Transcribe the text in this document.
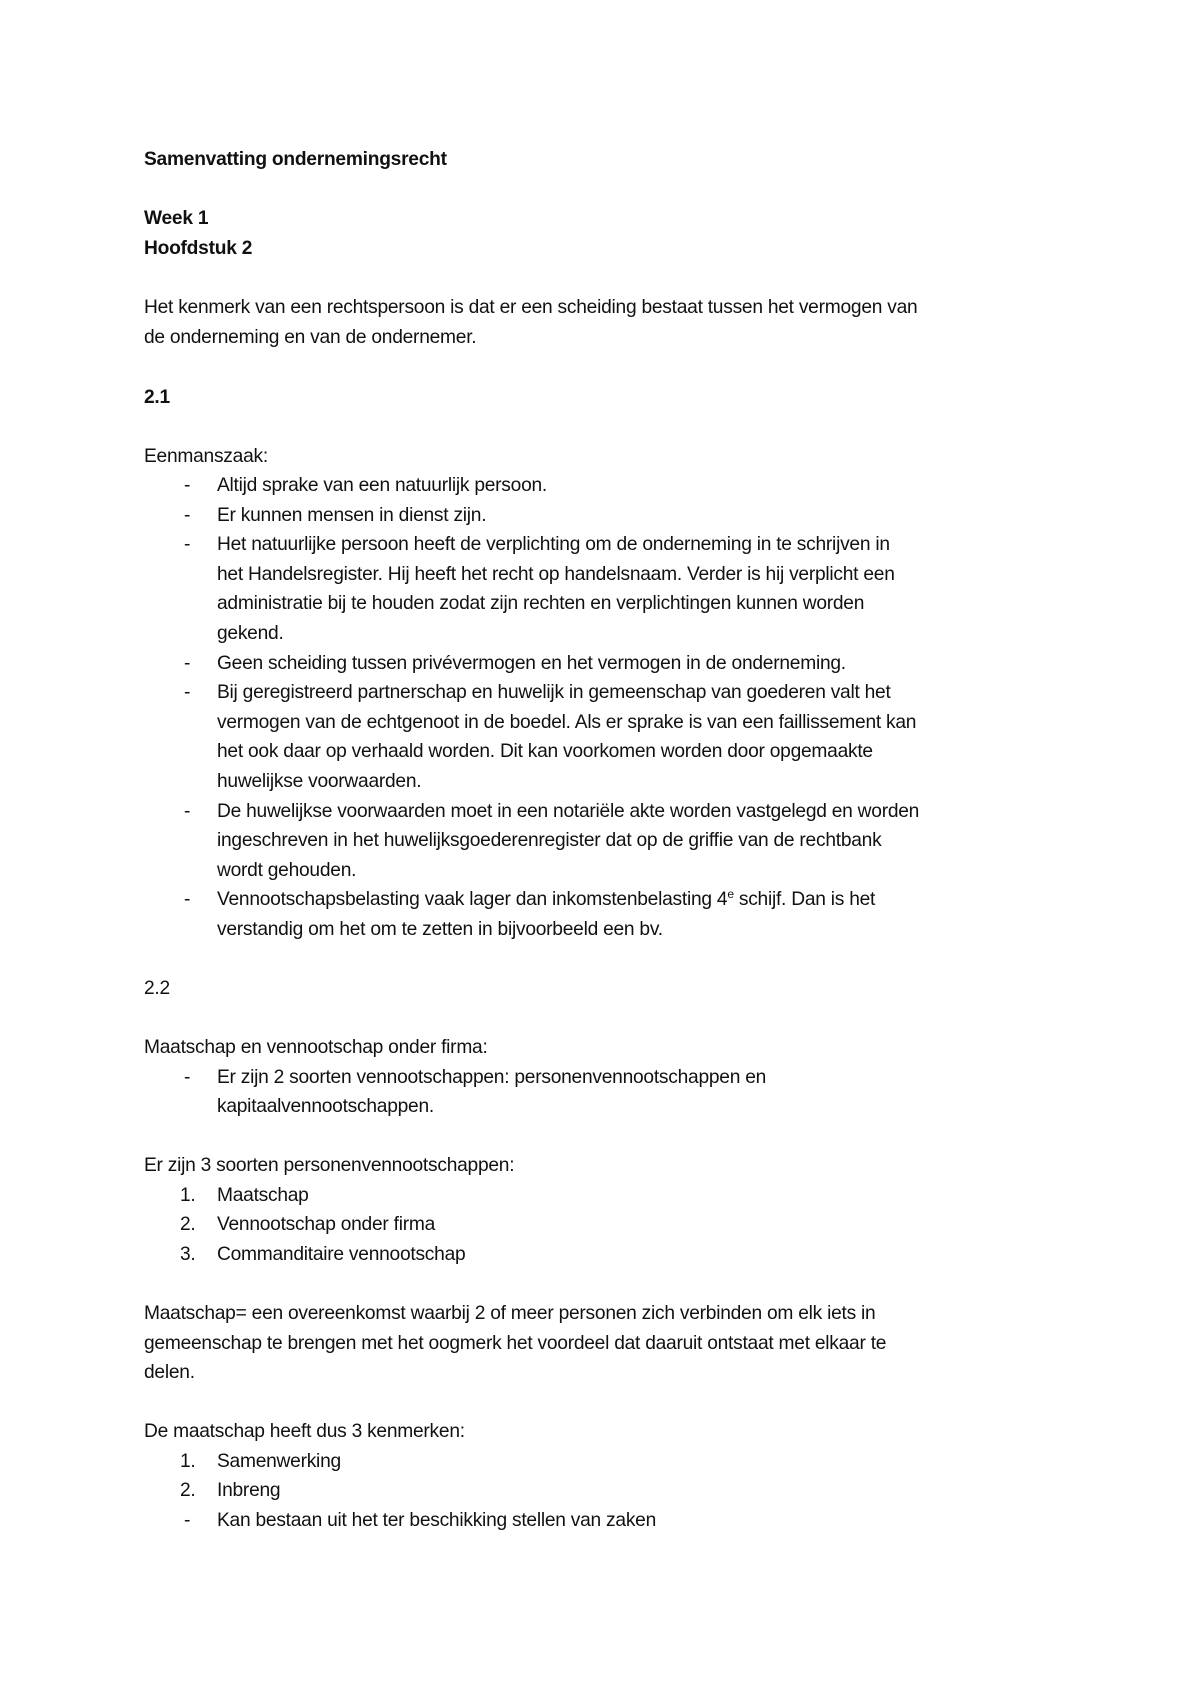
Samenvatting ondernemingsrecht
Week 1
Hoofdstuk 2
Het kenmerk van een rechtspersoon is dat er een scheiding bestaat tussen het vermogen van
de onderneming en van de ondernemer.
2.1
Eenmanszaak:
- Altijd sprake van een natuurlijk persoon.
- Er kunnen mensen in dienst zijn.
- Het natuurlijke persoon heeft de verplichting om de onderneming in te schrijven in
het Handelsregister. Hij heeft het recht op handelsnaam. Verder is hij verplicht een
administratie bij te houden zodat zijn rechten en verplichtingen kunnen worden
gekend.
- Geen scheiding tussen privévermogen en het vermogen in de onderneming.
- Bij geregistreerd partnerschap en huwelijk in gemeenschap van goederen valt het
vermogen van de echtgenoot in de boedel. Als er sprake is van een faillissement kan
het ook daar op verhaald worden. Dit kan voorkomen worden door opgemaakte
huwelijkse voorwaarden.
- De huwelijkse voorwaarden moet in een notariële akte worden vastgelegd en worden
ingeschreven in het huwelijksgoederenregister dat op de griffie van de rechtbank
wordt gehouden.
- Vennootschapsbelasting vaak lager dan inkomstenbelasting 4e schijf. Dan is het
verstandig om het om te zetten in bijvoorbeeld een bv.
2.2
Maatschap en vennootschap onder firma:
- Er zijn 2 soorten vennootschappen: personenvennootschappen en
kapitaalvennootschappen.
Er zijn 3 soorten personenvennootschappen:
1. Maatschap
2. Vennootschap onder firma
3. Commanditaire vennootschap
Maatschap= een overeenkomst waarbij 2 of meer personen zich verbinden om elk iets in
gemeenschap te brengen met het oogmerk het voordeel dat daaruit ontstaat met elkaar te
delen.
De maatschap heeft dus 3 kenmerken:
1. Samenwerking
2. Inbreng
- Kan bestaan uit het ter beschikking stellen van zaken
